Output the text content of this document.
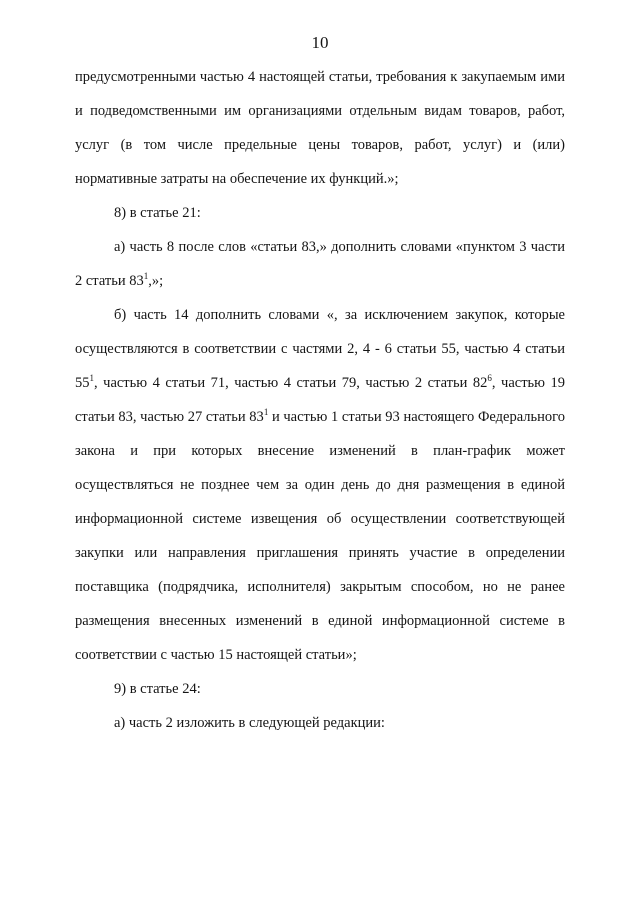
10

предусмотренными частью 4 настоящей статьи, требования к закупаемым ими и подведомственными им организациями отдельным видам товаров, работ, услуг (в том числе предельные цены товаров, работ, услуг) и (или) нормативные затраты на обеспечение их функций.»;

8) в статье 21:

а) часть 8 после слов «статьи 83,» дополнить словами «пунктом 3 части 2 статьи $83^1$,»;

б) часть 14 дополнить словами «, за исключением закупок, которые осуществляются в соответствии с частями 2, 4 - 6 статьи 55, частью 4 статьи $55^1$, частью 4 статьи 71, частью 4 статьи 79, частью 2 статьи $82^6$, частью 19 статьи 83, частью 27 статьи $83^1$ и частью 1 статьи 93 настоящего Федерального закона и при которых внесение изменений в план-график может осуществляться не позднее чем за один день до дня размещения в единой информационной системе извещения об осуществлении соответствующей закупки или направления приглашения принять участие в определении поставщика (подрядчика, исполнителя) закрытым способом, но не ранее размещения внесенных изменений в единой информационной системе в соответствии с частью 15 настоящей статьи»;

9) в статье 24:

а) часть 2 изложить в следующей редакции:
